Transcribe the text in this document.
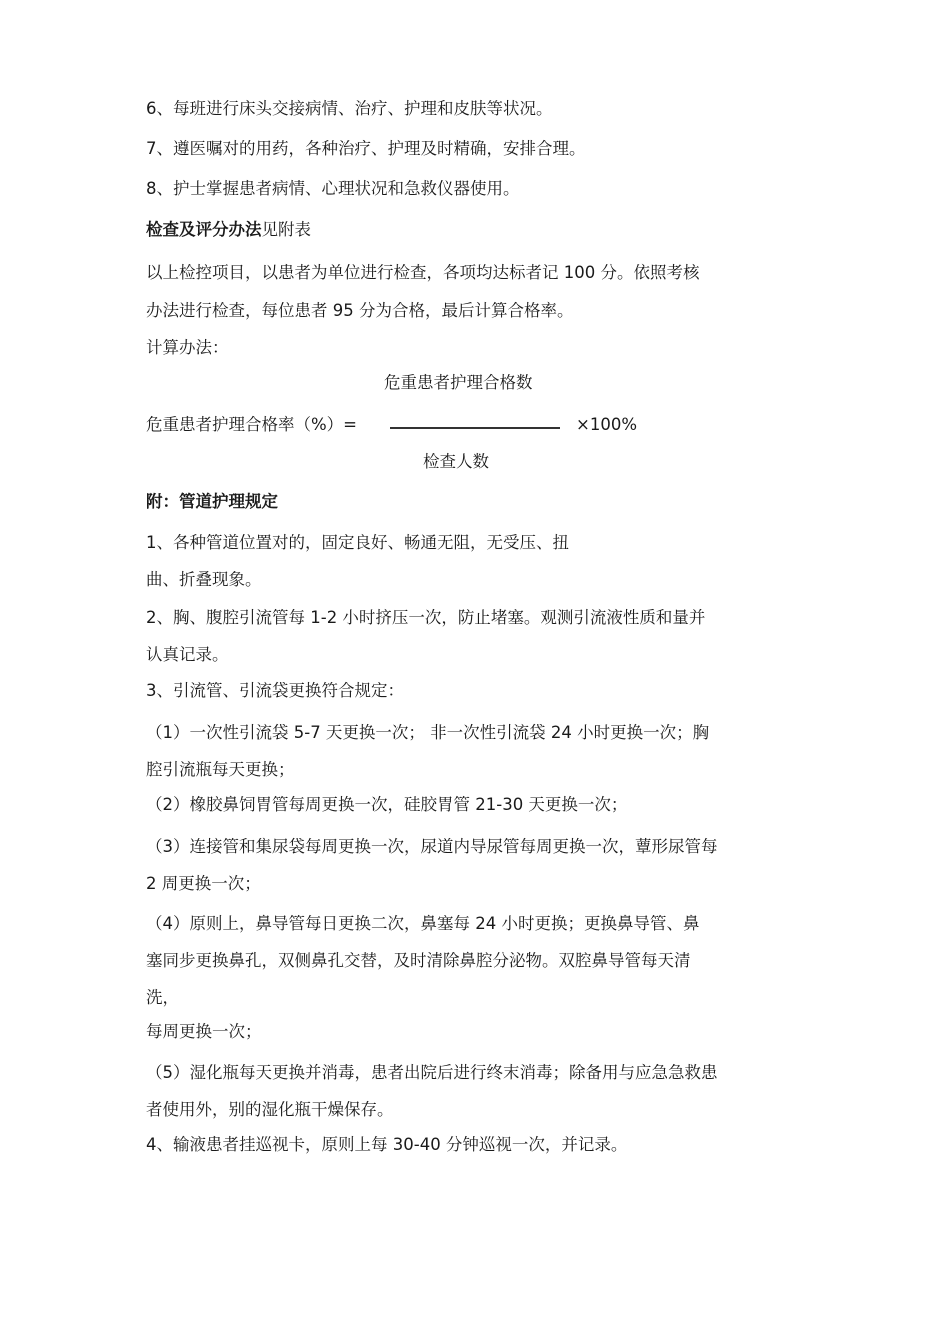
6、每班进行床头交接病情、治疗、护理和皮肤等状况。
7、遵医嘱对的用药，各种治疗、护理及时精确，安排合理。
8、护士掌握患者病情、心理状况和急救仪器使用。
检查及评分办法见附表
以上检控项目，以患者为单位进行检查，各项均达标者记 100 分。依照考核
办法进行检查，每位患者 95 分为合格，最后计算合格率。
计算办法：
危重患者护理合格数
危重患者护理合格率（%）=	×100%
检查人数
附：管道护理规定
1、各种管道位置对的，固定良好、畅通无阻，无受压、扭
曲、折叠现象。
2、胸、腹腔引流管每 1-2 小时挤压一次，防止堵塞。观测引流液性质和量并
认真记录。
3、引流管、引流袋更换符合规定：
（1）一次性引流袋 5-7 天更换一次； 非一次性引流袋 24 小时更换一次；胸
腔引流瓶每天更换；
（2）橡胶鼻饲胃管每周更换一次，硅胶胃管 21-30 天更换一次；
（3）连接管和集尿袋每周更换一次，尿道内导尿管每周更换一次，蕈形尿管每
2 周更换一次；
（4）原则上，鼻导管每日更换二次，鼻塞每 24 小时更换；更换鼻导管、鼻
塞同步更换鼻孔，双侧鼻孔交替，及时清除鼻腔分泌物。双腔鼻导管每天清
洗，
每周更换一次；
（5）湿化瓶每天更换并消毒，患者出院后进行终末消毒；除备用与应急急救患
者使用外，别的湿化瓶干燥保存。
4、输液患者挂巡视卡，原则上每 30-40 分钟巡视一次，并记录。
